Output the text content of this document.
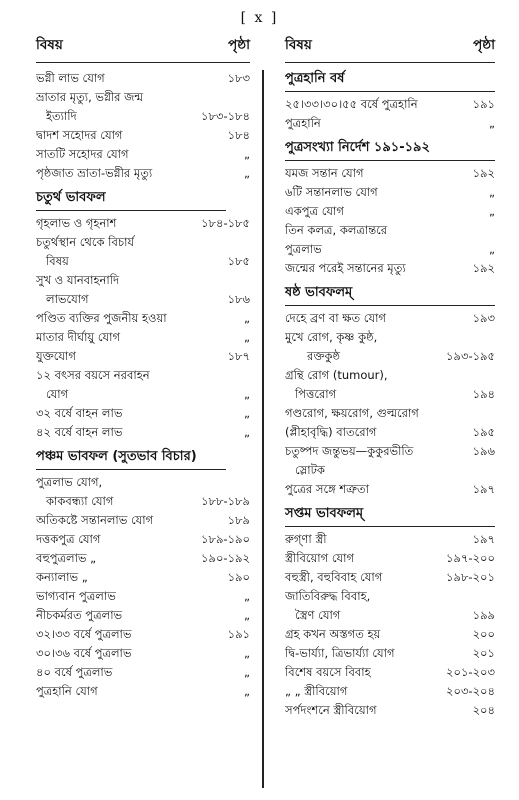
[ x ]
বিষয়	পৃষ্ঠা
ভগ্নী লাভ যোগ	১৮৩
ভ্রাতার মৃত্যু, ভগ্নীর জন্ম
ইত্যাদি	১৮৩-১৮৪
দ্বাদশ সহোদর যোগ	১৮৪
সাতটি সহোদর যোগ	„
পৃষ্ঠজাত ভ্রাতা-ভগ্নীর মৃত্যু	„
চতুর্থ ভাবফল
গৃহলাভ ও গৃহনাশ	১৮৪-১৮৫
চতুর্থস্থান থেকে বিচার্য
বিষয়	১৮৫
সুখ ও যানবাহনাদি
লাভযোগ	১৮৬
পণ্ডিত ব্যক্তির পুজনীয় হওয়া	„
মাতার দীর্ঘায়ু যোগ	„
যুক্তযোগ	১৮৭
১২ বৎসর বয়সে নরবাহন
যোগ	„
৩২ বর্ষে বাহন লাভ	„
৪২ বর্ষে বাহন লাভ	„
পঞ্চম ভাবফল (সুতভাব বিচার)
পুত্রলাভ যোগ,
কাকবন্ধ্যা যোগ	১৮৮-১৮৯
অতিকষ্টে সন্তানলাভ যোগ	১৮৯
দত্তকপুত্র যোগ	১৮৯-১৯০
বহুপুত্রলাভ „	১৯০-১৯২
কন্যালাভ „	১৯০
ভাগ্যবান পুত্রলাভ	„
নীচকর্মরত পুত্রলাভ	„
৩২।৩৩ বর্ষে পুত্রলাভ	১৯১
৩০।৩৬ বর্ষে পুত্রলাভ	„
৪০ বর্ষে পুত্রলাভ	„
পুত্রহানি যোগ	„
বিষয়	পৃষ্ঠা
পুত্রহানি বর্ষ
২৫।৩৩।৩০।৫৫ বর্ষে পুত্রহানি	১৯১
পুত্রহানি	„
পুত্রসংখ্যা নির্দেশ ১৯১-১৯২
যমজ সন্তান যোগ	১৯২
৬টি সন্তানলাভ যোগ	„
একপুত্র যোগ	„
তিন কলত্র, কলত্রান্তরে
পুত্রলাভ	„
জন্মের পরেই সন্তানের মৃত্যু	১৯২
ষষ্ঠ ভাবফলম্
দেহে ব্রণ বা ক্ষত যোগ	১৯৩
মুখে রোগ, কৃষ্ণ কুষ্ঠ,
রক্তকুষ্ঠ	১৯৩-১৯৫
গ্রন্থি রোগ (tumour),
পিত্তরোগ	১৯৪
গণ্ডরোগ, ক্ষয়রোগ, গুল্মরোগ
(প্লীহাবৃদ্ধি) বাতরোগ	১৯৫
চতুষ্পদ জন্তুভয়—কুকুরভীতি	১৯৬
স্লোটক
পুত্রের সঙ্গে শত্রুতা	১৯৭
সপ্তম ভাবফলম্
রুগ্ণা স্ত্রী	১৯৭
স্ত্রীবিয়োগ যোগ	১৯৭-২০০
বহুস্ত্রী, বহুবিবাহ যোগ	১৯৮-২০১
জাতিবিরুদ্ধ বিবাহ,
স্ত্রৈণ যোগ	১৯৯
গ্রহ কখন অস্তগত হয়	২০০
দ্বি-ভার্য্যা, ত্রিভার্য্যা যোগ	২০১
বিশেষ বয়সে বিবাহ	২০১-২০৩
„ „ স্ত্রীবিয়োগ	২০৩-২০৪
সর্পদংশনে স্ত্রীবিয়োগ	২০৪
